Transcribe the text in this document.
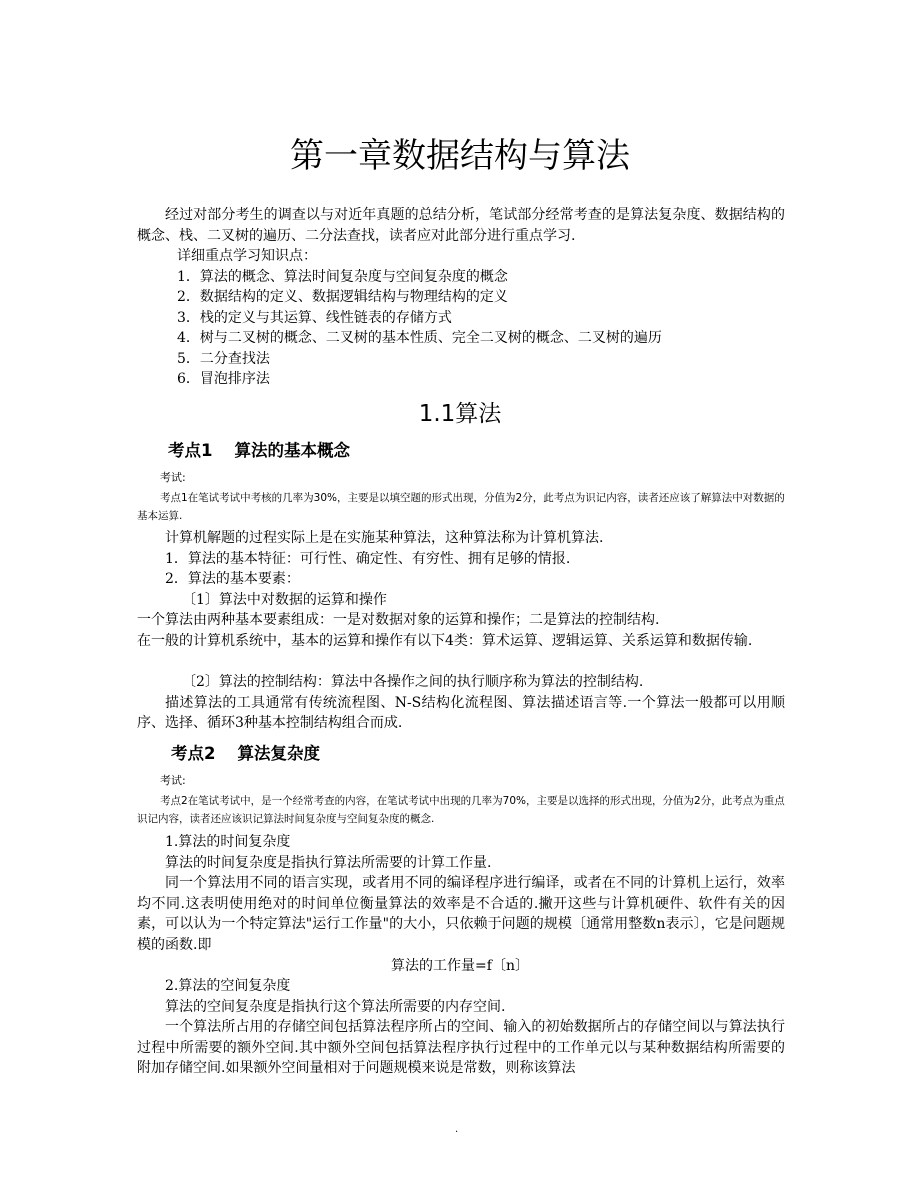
第一章数据结构与算法

经过对部分考生的调查以与对近年真题的总结分析，笔试部分经常考查的是算法复杂度、数据结构的概念、栈、二叉树的遍历、二分法查找，读者应对此部分进行重点学习.

详细重点学习知识点：
1．算法的概念、算法时间复杂度与空间复杂度的概念
2．数据结构的定义、数据逻辑结构与物理结构的定义
3．栈的定义与其运算、线性链表的存储方式
4．树与二叉树的概念、二叉树的基本性质、完全二叉树的概念、二叉树的遍历
5．二分查找法
6．冒泡排序法
1.1算法
考点1 算法的基本概念
考试:

考点1在笔试考试中考核的几率为30%，主要是以填空题的形式出现，分值为2分，此考点为识记内容，读者还应该了解算法中对数据的基本运算.

计算机解题的过程实际上是在实施某种算法，这种算法称为计算机算法.
1．算法的基本特征：可行性、确定性、有穷性、拥有足够的情报.
2．算法的基本要素：
〔1〕算法中对数据的运算和操作
一个算法由两种基本要素组成：一是对数据对象的运算和操作；二是算法的控制结构.

在一般的计算机系统中，基本的运算和操作有以下4类：算术运算、逻辑运算、关系运算和数据传输.

〔2〕算法的控制结构：算法中各操作之间的执行顺序称为算法的控制结构.

描述算法的工具通常有传统流程图、N-S结构化流程图、算法描述语言等.一个算法一般都可以用顺序、选择、循环3种基本控制结构组合而成.

考点2 算法复杂度
考试:

考点2在笔试考试中，是一个经常考查的内容，在笔试考试中出现的几率为70%，主要是以选择的形式出现，分值为2分，此考点为重点识记内容，读者还应该识记算法时间复杂度与空间复杂度的概念.

1.算法的时间复杂度
算法的时间复杂度是指执行算法所需要的计算工作量.

同一个算法用不同的语言实现，或者用不同的编译程序进行编译，或者在不同的计算机上运行，效率均不同.这表明使用绝对的时间单位衡量算法的效率是不合适的.撇开这些与计算机硬件、软件有关的因素，可以认为一个特定算法"运行工作量"的大小，只依赖于问题的规模〔通常用整数n表示〕，它是问题规模的函数.即

算法的工作量=f〔n〕
2.算法的空间复杂度
算法的空间复杂度是指执行这个算法所需要的内存空间.

一个算法所占用的存储空间包括算法程序所占的空间、输入的初始数据所占的存储空间以与算法执行过程中所需要的额外空间.其中额外空间包括算法程序执行过程中的工作单元以与某种数据结构所需要的附加存储空间.如果额外空间量相对于问题规模来说是常数，则称该算法

.
